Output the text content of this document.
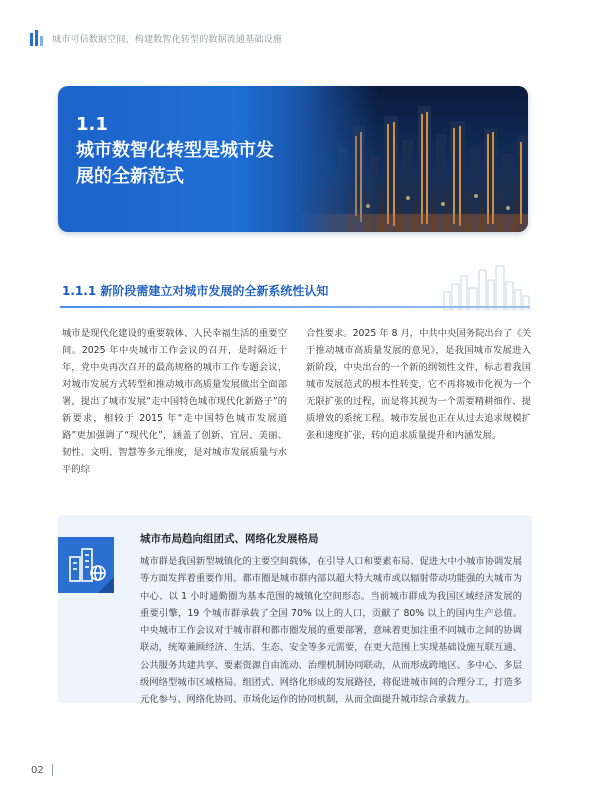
城市可信数据空间，构建数智化转型的数据流通基础设施
1.1
城市数智化转型是城市发展的全新范式
1.1.1 新阶段需建立对城市发展的全新系统性认知
城市是现代化建设的重要载体、人民幸福生活的重要空间。2025 年中央城市工作会议的召开，是时隔近十年，党中央再次召开的最高规格的城市工作专题会议，对城市发展方式转型和推动城市高质量发展做出全面部署，提出了城市发展“走中国特色城市现代化新路子”的新要求，相较于 2015 年“走中国特色城市发展道路”更加强调了“现代化”，涵盖了创新、宜居、美丽、韧性、文明、智慧等多元维度，是对城市发展质量与水平的综
合性要求。2025 年 8 月，中共中央国务院出台了《关于推动城市高质量发展的意见》，是我国城市发展进入新阶段，中央出台的一个新的纲领性文件，标志着我国城市发展范式的根本性转变，它不再将城市化视为一个无限扩张的过程，而是将其视为一个需要精耕细作、提质增效的系统工程。城市发展也正在从过去追求规模扩张和速度扩张，转向追求质量提升和内涵发展。
城市布局趋向组团式、网络化发展格局
城市群是我国新型城镇化的主要空间载体，在引导人口和要素布局、促进大中小城市协调发展等方面发挥着重要作用。都市圈是城市群内部以超大特大城市或以辐射带动功能强的大城市为中心、以 1 小时通勤圈为基本范围的城镇化空间形态。当前城市群成为我国区域经济发展的重要引擎，19 个城市群承载了全国 70% 以上的人口，贡献了 80% 以上的国内生产总值。中央城市工作会议对于城市群和都市圈发展的重要部署，意味着更加注重不同城市之间的协调联动，统筹兼顾经济、生活、生态、安全等多元需要，在更大范围上实现基础设施互联互通、公共服务共建共享、要素资源自由流动、治理机制协同联动，从而形成跨地区、多中心、多层级网络型城市区域格局。组团式、网络化形成的发展路径，将促进城市间的合理分工，打造多元化参与、网络化协同、市场化运作的协同机制，从而全面提升城市综合承载力。
02
